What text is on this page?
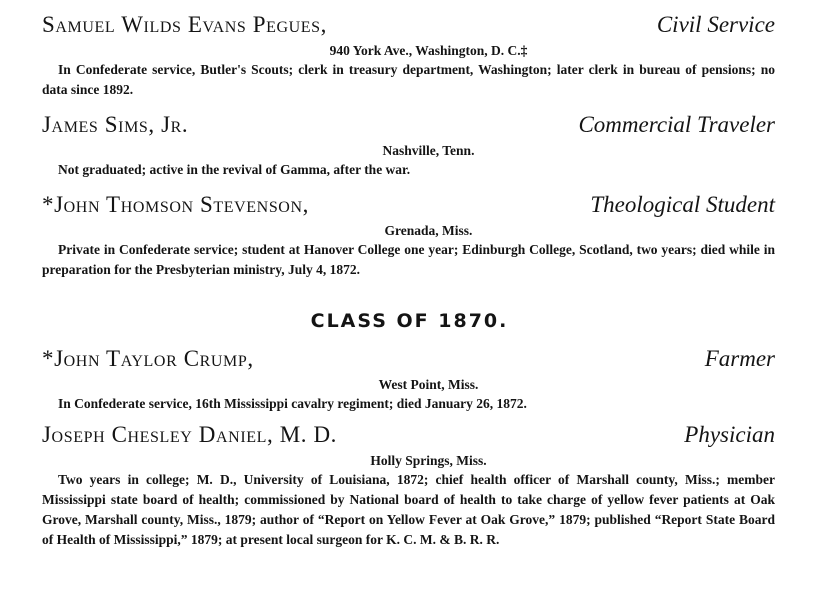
Samuel Wilds Evans Pegues,	Civil Service
940 York Ave., Washington, D. C.‡
In Confederate service, Butler's Scouts; clerk in treasury department, Washington; later clerk in bureau of pensions; no data since 1892.
James Sims, Jr.	Commercial Traveler
Nashville, Tenn.
Not graduated; active in the revival of Gamma, after the war.
*John Thomson Stevenson,	Theological Student
Grenada, Miss.
Private in Confederate service; student at Hanover College one year; Edinburgh College, Scotland, two years; died while in preparation for the Presbyterian ministry, July 4, 1872.
CLASS OF 1870.
*John Taylor Crump,	Farmer
West Point, Miss.
In Confederate service, 16th Mississippi cavalry regiment; died January 26, 1872.
Joseph Chesley Daniel, M. D.	Physician
Holly Springs, Miss.
Two years in college; M. D., University of Louisiana, 1872; chief health officer of Marshall county, Miss.; member Mississippi state board of health; commissioned by National board of health to take charge of yellow fever patients at Oak Grove, Marshall county, Miss., 1879; author of “Report on Yellow Fever at Oak Grove,” 1879; published “Report State Board of Health of Mississippi,” 1879; at present local surgeon for K. C. M. & B. R. R.
